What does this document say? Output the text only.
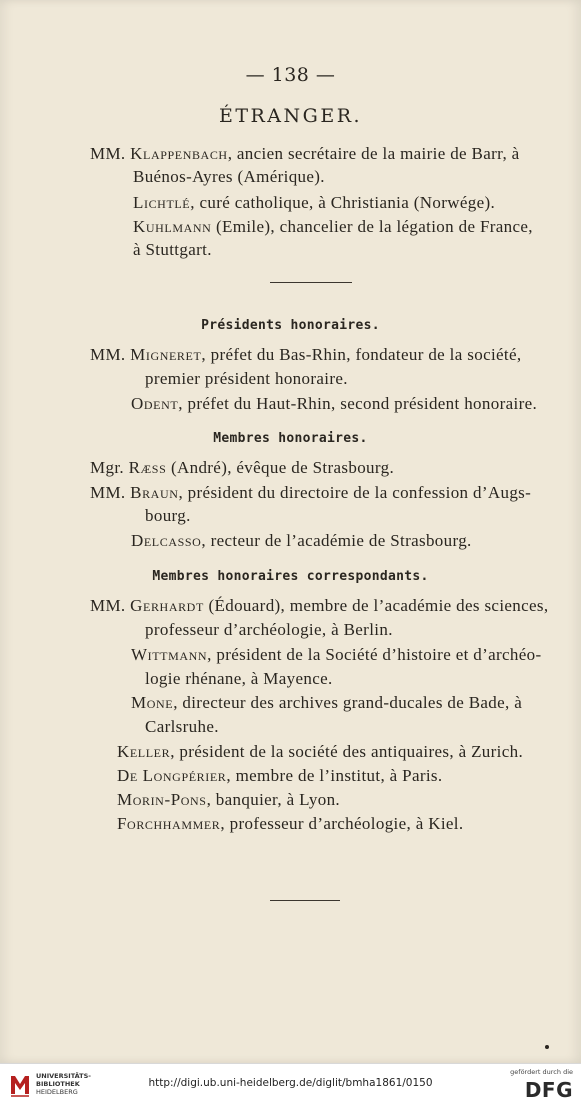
— 138 —
ÉTRANGER.
MM. Klappenbach, ancien secrétaire de la mairie de Barr, à
Buénos-Ayres (Amérique).
Lichtlé, curé catholique, à Christiania (Norwége).
Kuhlmann (Emile), chancelier de la légation de France,
à Stuttgart.
Présidents honoraires.
MM. Migneret, préfet du Bas-Rhin, fondateur de la société,
premier président honoraire.
Odent, préfet du Haut-Rhin, second président honoraire.
Membres honoraires.
Mgr. Ræss (André), évêque de Strasbourg.
MM. Braun, président du directoire de la confession d’Augs-
bourg.
Delcasso, recteur de l’académie de Strasbourg.
Membres honoraires correspondants.
MM. Gerhardt (Édouard), membre de l’académie des sciences,
professeur d’archéologie, à Berlin.
Wittmann, président de la Société d’histoire et d’archéo-
logie rhénane, à Mayence.
Mone, directeur des archives grand-ducales de Bade, à
Carlsruhe.
Keller, président de la société des antiquaires, à Zurich.
De Longpérier, membre de l’institut, à Paris.
Morin-Pons, banquier, à Lyon.
Forchhammer, professeur d’archéologie, à Kiel.
UNIVERSITÄTS-
BIBLIOTHEK
HEIDELBERG
http://digi.ub.uni-heidelberg.de/diglit/bmha1861/0150
gefördert durch die
DFG
